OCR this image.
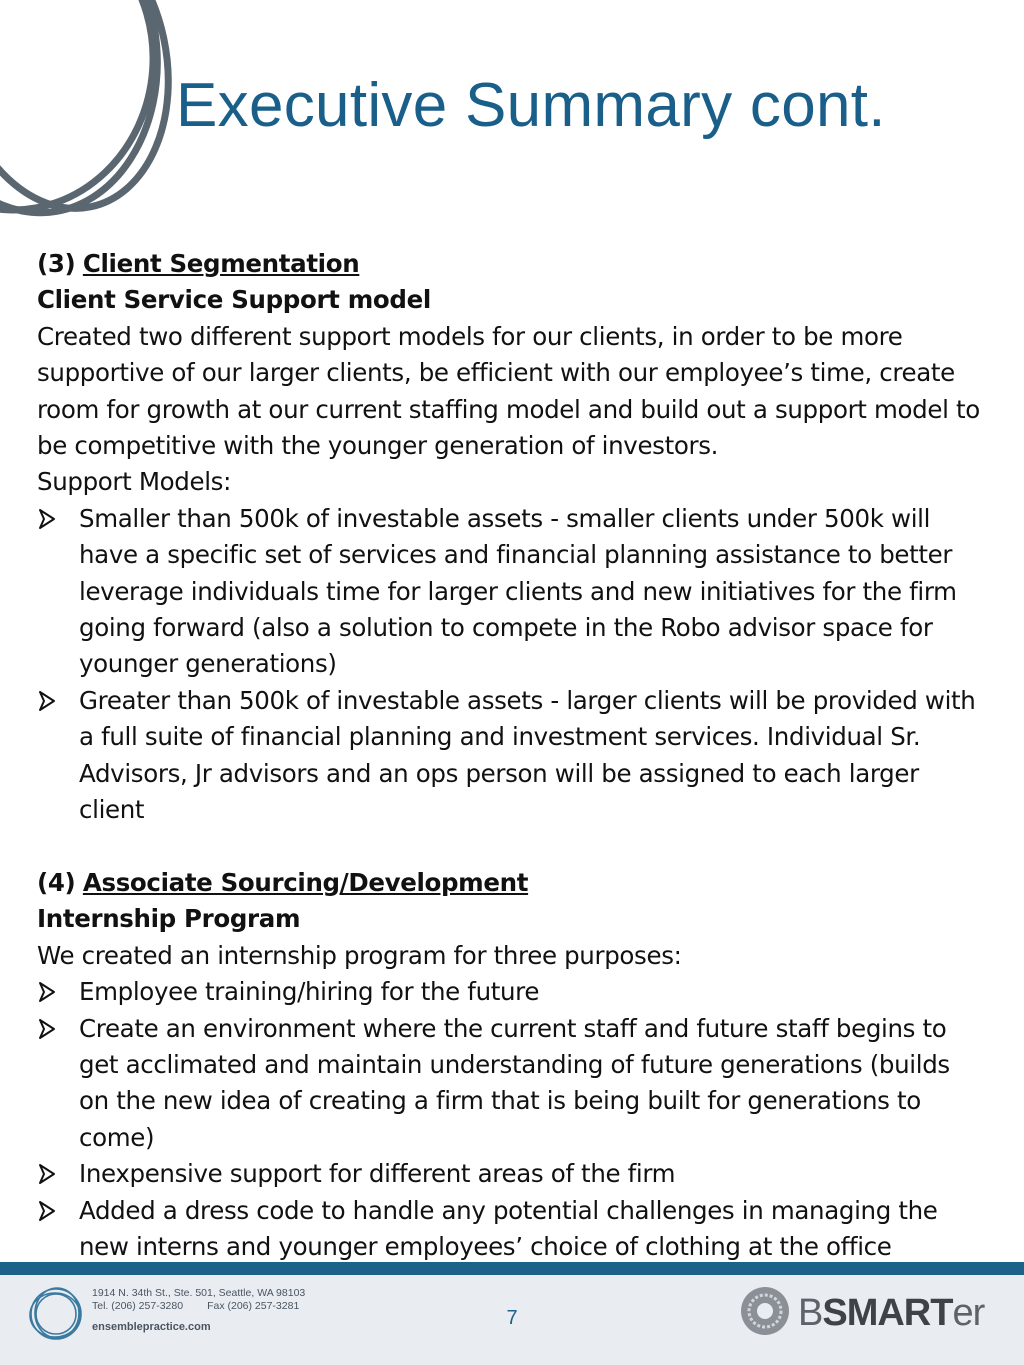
Executive Summary cont.

(3) Client Segmentation

Client Service Support model

Created two different support models for our clients, in order to be more supportive of our larger clients, be efficient with our employee’s time, create room for growth at our current staffing model and build out a support model to be competitive with the younger generation of investors.

Support Models:

Smaller than 500k of investable assets - smaller clients under 500k will have a specific set of services and financial planning assistance to better leverage individuals time for larger clients and new initiatives for the firm going forward (also a solution to compete in the Robo advisor space for younger generations)
Greater than 500k of investable assets - larger clients will be provided with a full suite of financial planning and investment services. Individual Sr. Advisors, Jr advisors and an ops person will be assigned to each larger client

(4) Associate Sourcing/Development

Internship Program

We created an internship program for three purposes:

Employee training/hiring for the future
Create an environment where the current staff and future staff begins to get acclimated and maintain understanding of future generations (builds on the new idea of creating a firm that is being built for generations to come)
Inexpensive support for different areas of the firm
Added a dress code to handle any potential challenges in managing the new interns and younger employees’ choice of clothing at the office
1914 N. 34th St., Ste. 501, Seattle, WA 98103
Tel. (206) 257-3280 Fax (206) 257-3281
ensemblepractice.com	7	BSMARTer
